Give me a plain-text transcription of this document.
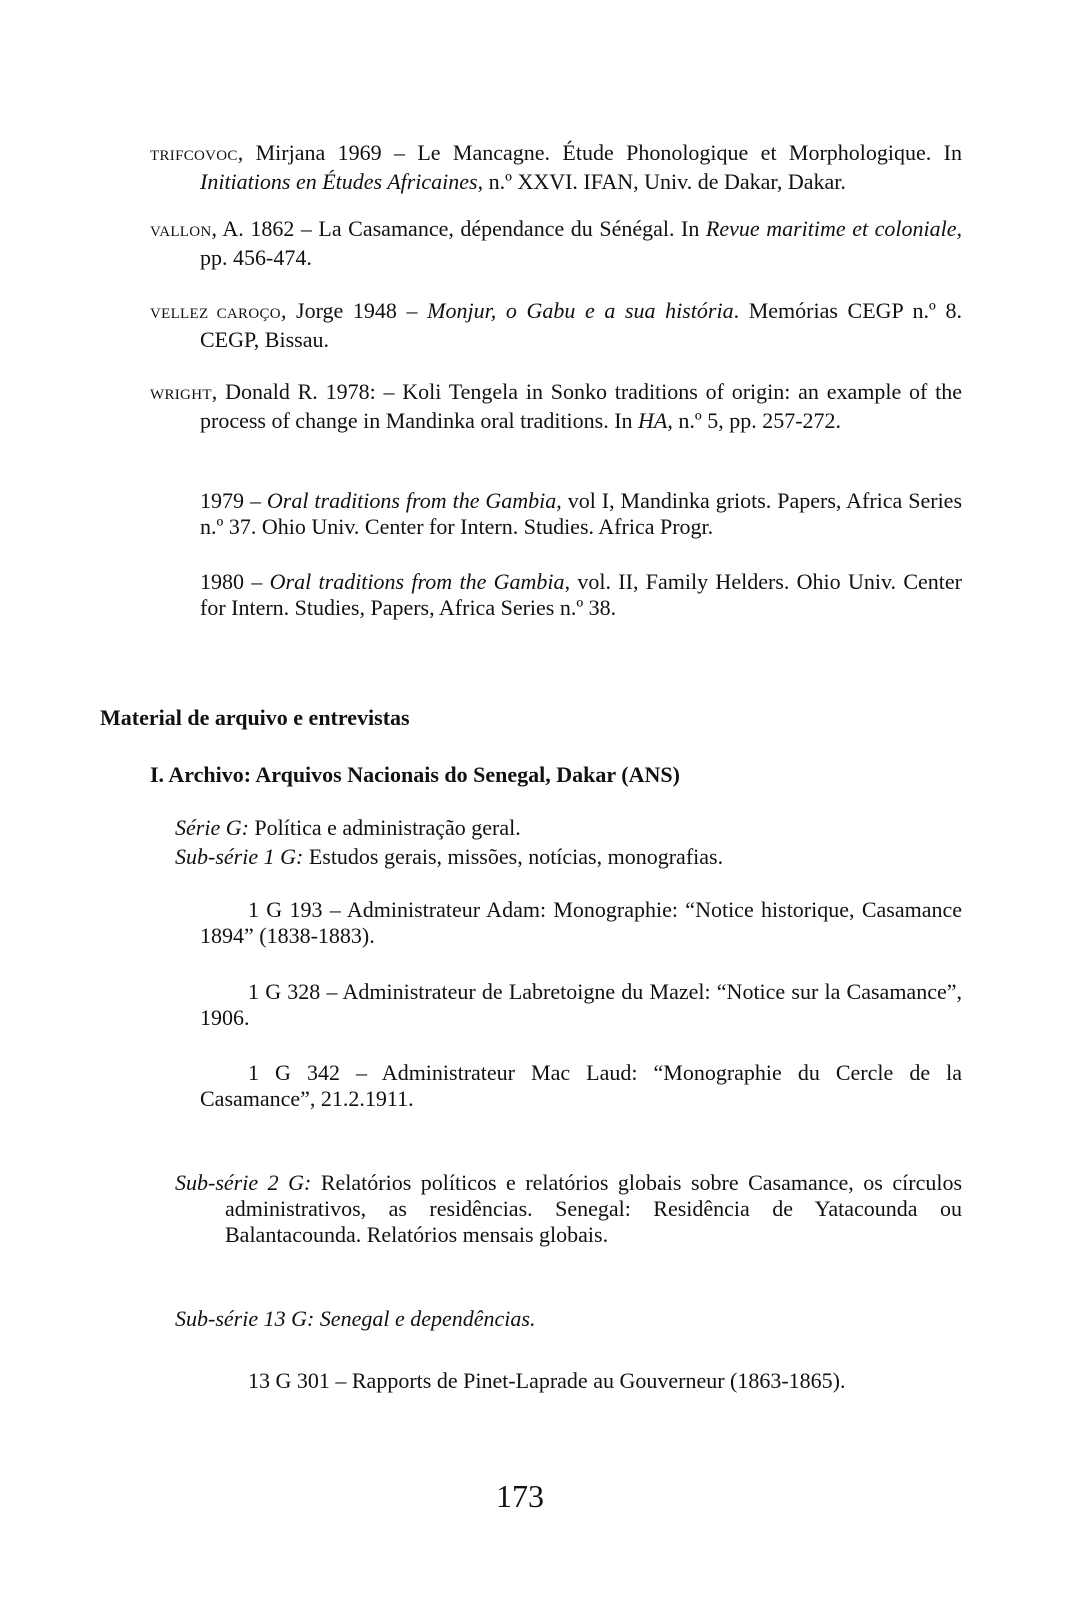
TRIFCOVOC, Mirjana 1969 – Le Mancagne. Étude Phonologique et Morphologique. In Initiations en Études Africaines, n.º XXVI. IFAN, Univ. de Dakar, Dakar.
VALLON, A. 1862 – La Casamance, dépendance du Sénégal. In Revue maritime et coloniale, pp. 456-474.
VELLEZ CAROÇO, Jorge 1948 – Monjur, o Gabu e a sua história. Memórias CEGP n.º 8. CEGP, Bissau.
WRIGHT, Donald R. 1978: – Koli Tengela in Sonko traditions of origin: an example of the process of change in Mandinka oral traditions. In HA, n.º 5, pp. 257-272.
1979 – Oral traditions from the Gambia, vol I, Mandinka griots. Papers, Africa Series n.º 37. Ohio Univ. Center for Intern. Studies. Africa Progr.
1980 – Oral traditions from the Gambia, vol. II, Family Helders. Ohio Univ. Center for Intern. Studies, Papers, Africa Series n.º 38.
Material de arquivo e entrevistas
I. Archivo: Arquivos Nacionais do Senegal, Dakar (ANS)
Série G: Política e administração geral.
Sub-série 1 G: Estudos gerais, missões, notícias, monografias.
1 G 193 – Administrateur Adam: Monographie: “Notice historique, Casamance 1894” (1838-1883).
1 G 328 – Administrateur de Labretoigne du Mazel: “Notice sur la Casamance”, 1906.
1 G 342 – Administrateur Mac Laud: “Monographie du Cercle de la Casamance”, 21.2.1911.
Sub-série 2 G: Relatórios políticos e relatórios globais sobre Casamance, os círculos administrativos, as residências. Senegal: Residência de Yatacounda ou Balantacounda. Relatórios mensais globais.
Sub-série 13 G: Senegal e dependências.
13 G 301 – Rapports de Pinet-Laprade au Gouverneur (1863-1865).
173
